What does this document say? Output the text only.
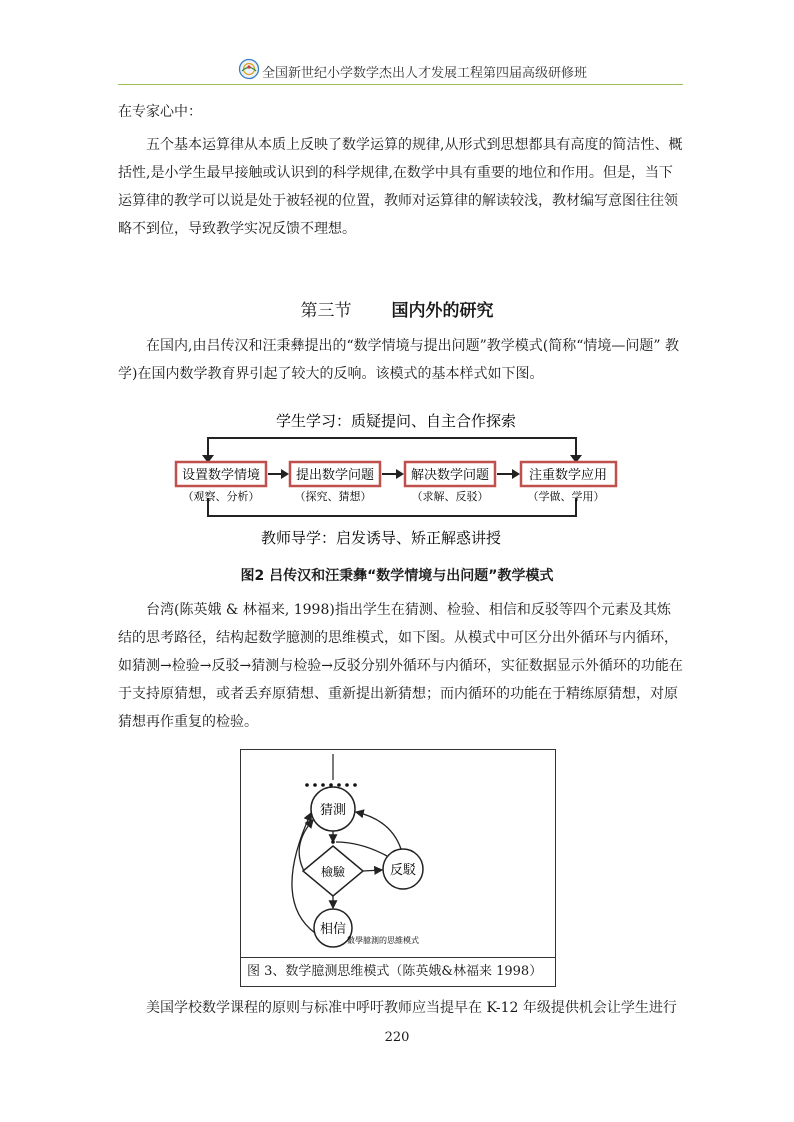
全国新世纪小学数学杰出人才发展工程第四届高级研修班

在专家心中：

五个基本运算律从本质上反映了数学运算的规律,从形式到思想都具有高度的简洁性、概括性,是小学生最早接触或认识到的科学规律,在数学中具有重要的地位和作用。但是，当下运算律的教学可以说是处于被轻视的位置，教师对运算律的解读较浅，教材编写意图往往领略不到位，导致教学实况反馈不理想。

第三节 国内外的研究

在国内,由吕传汉和汪秉彝提出的“数学情境与提出问题”教学模式(简称“情境—问题” 教学)在国内数学教育界引起了较大的反响。该模式的基本样式如下图。

学生学习：质疑提问、自主合作探索
教师导学：启发诱导、矫正解惑讲授
设置数学情境
（观察、分析）
提出数学问题
（探究、猜想）
解决数学问题
（求解、反驳）
注重数学应用
（学做、学用）
图2 吕传汉和汪秉彝“数学情境与出问题”教学模式

台湾(陈英娥 & 林福来, 1998)指出学生在猜测、检验、相信和反驳等四个元素及其炼结的思考路径，结构起数学臆测的思维模式，如下图。从模式中可区分出外循环与内循环，如猜测→检验→反驳→猜测与检验→反驳分别外循环与内循环，实征数据显示外循环的功能在于支持原猜想，或者丢弃原猜想、重新提出新猜想；而内循环的功能在于精练原猜想，对原猜想再作重复的检验。

猜測
檢驗	反駁
相信
數學臆測的思維模式
图 3、数学臆测思维模式（陈英娥&林福来 1998）

美国学校数学课程的原则与标准中呼吁教师应当提早在 K-12 年级提供机会让学生进行

220
